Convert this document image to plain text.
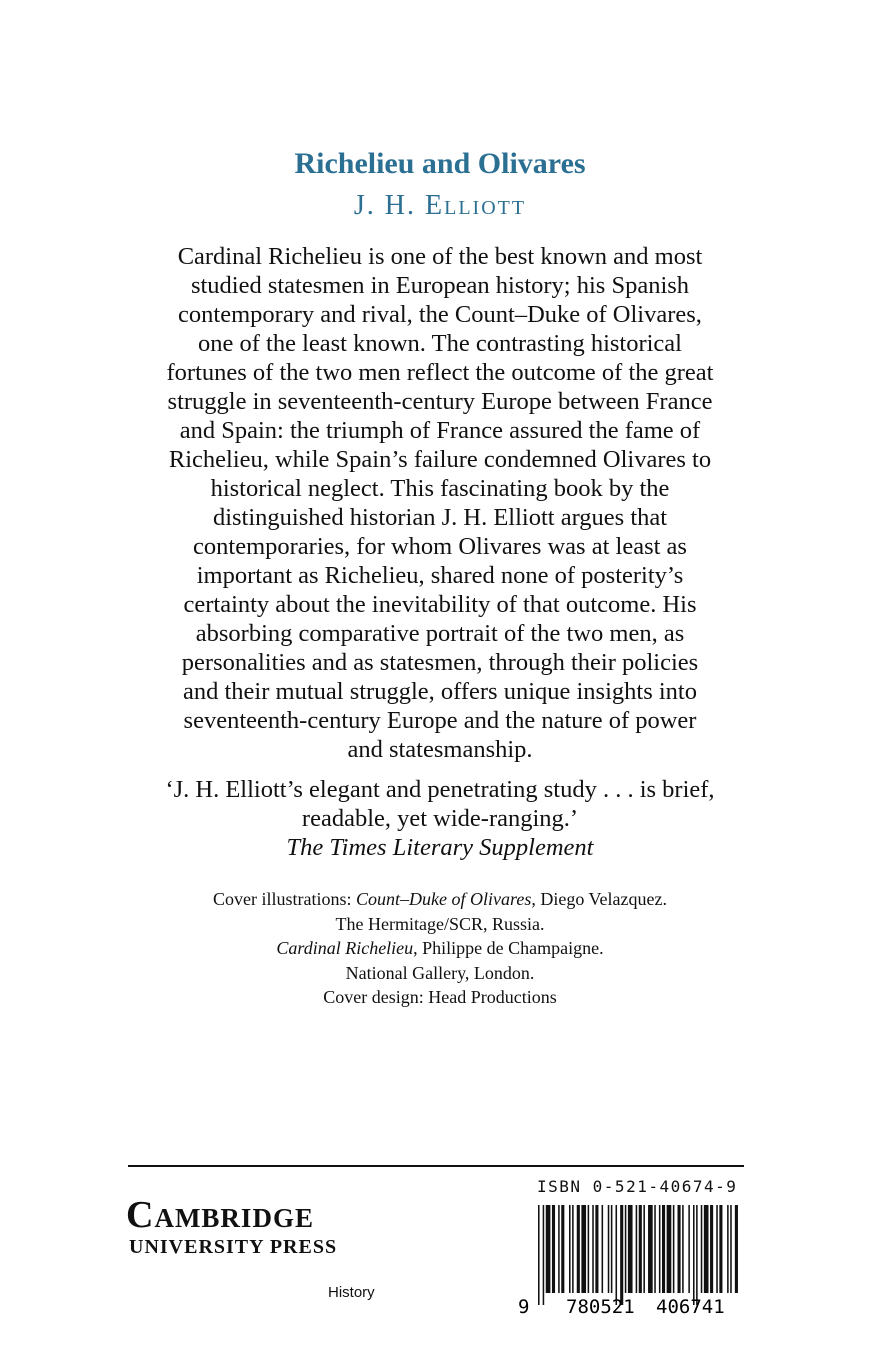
Richelieu and Olivares
J. H. Elliott
Cardinal Richelieu is one of the best known and most
studied statesmen in European history; his Spanish
contemporary and rival, the Count–Duke of Olivares,
one of the least known. The contrasting historical
fortunes of the two men reflect the outcome of the great
struggle in seventeenth-century Europe between France
and Spain: the triumph of France assured the fame of
Richelieu, while Spain’s failure condemned Olivares to
historical neglect. This fascinating book by the
distinguished historian J. H. Elliott argues that
contemporaries, for whom Olivares was at least as
important as Richelieu, shared none of posterity’s
certainty about the inevitability of that outcome. His
absorbing comparative portrait of the two men, as
personalities and as statesmen, through their policies
and their mutual struggle, offers unique insights into
seventeenth-century Europe and the nature of power
and statesmanship.
‘J. H. Elliott’s elegant and penetrating study . . . is brief,
readable, yet wide-ranging.’
The Times Literary Supplement
Cover illustrations: Count–Duke of Olivares, Diego Velazquez.
The Hermitage/SCR, Russia.
Cardinal Richelieu, Philippe de Champaigne.
National Gallery, London.
Cover design: Head Productions
Cambridge
UNIVERSITY PRESS
History
ISBN 0-521-40674-9
9 780521 406741
